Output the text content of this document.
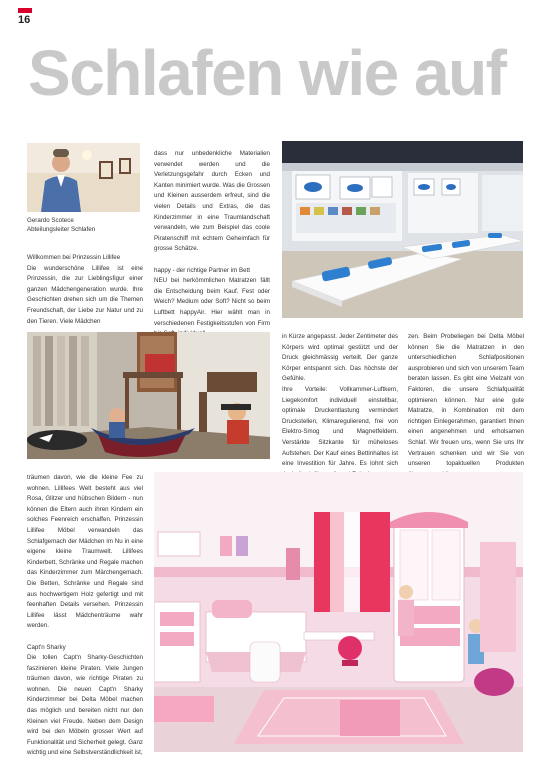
16
Schlafen wie auf
Gerardo Scotece
Abteilungsleiter Schlafen

Willkommen bei Prinzessin Lillifee

Die wunderschöne Lillifee ist eine Prinzessin, die zur Lieblingsfigur einer ganzen Mädchengeneration wurde. Ihre Geschichten drehen sich um die Themen Freundschaft, der Liebe zur Natur und zu den Tieren. Viele Mädchen

dass nur unbedenkliche Materialien verwendet werden und die Verletzungsgefahr durch Ecken und Kanten minimiert wurde. Was die Grossen und Kleinen ausserdem erfreut, sind die vielen Details und Extras, die das Kinderzimmer in eine Traumlandschaft verwandeln, wie zum Beispiel das coole Piratenschiff mit echtem Geheimfach für grosse Schätze.

happy - der richtige Partner im Bett

NEU bei herkömmlichen Matratzen fällt die Entscheidung beim Kauf. Fest oder Weich? Medium oder Soft? Nicht so beim Luftbett happyAir. Hier wählt man in verschiedenen Festigkeitsstufen von Firm

in Kürze angepasst. Jeder Zentimeter des Körpers wird optimal gestützt und der Druck gleichmässig verteilt. Der ganze Körper entspannt sich. Das höchste der Gefühle.

Ihre Vorteile: Vollkammer-Luftkern, Liegekomfort individuell einstellbar, optimale Druckentlastung vermindert Druckstellen, Klimaregulierend, frei von Elektro-Smog und Magnetfeldern. Verstärkte Sitzkante für müheloses Aufstehen. Der Kauf eines Bettinhaltes ist eine Investition für Jahre. Es lohnt sich

zen. Beim Probeliegen bei Delta Möbel können Sie die Matratzen in den unterschiedlichen Schlafpositionen ausprobieren und sich von unserem Team beraten lassen. Es gibt eine Vielzahl von Faktoren, die unsere Schlafqualität optimieren können. Nur eine gute Matratze, in Kombination mit dem richtigen Einlegerahmen, garantiert Ihnen einen angenehmen und erholsamen Schlaf. Wir freuen uns, wenn Sie uns Ihr Vertrauen schenken und wir Sie von unseren topaktuellen Produkten

träumen davon, wie die kleine Fee zu wohnen. Lillifees Welt besteht aus viel Rosa, Glitzer und hübschen Bildern - nun können die Eltern auch ihren Kindern ein solches Feenreich erschaffen. Prinzessin Lillifee Möbel verwandeln das Schlafgemach der Mädchen im Nu in eine eigene kleine Traumwelt. Lillifees Kinderbett, Schränke und Regale machen das Kinderzimmer zum Märchengemach. Die Betten, Schränke und Regale sind aus hochwertigem Holz gefertigt und mit feenhaften Details versehen. Prinzessin Lillifee lässt Mädchenträume wahr werden.

Capt'n Sharky

Die tollen Capt'n Sharky-Geschichten faszinieren kleine Piraten. Viele Jungen träumen davon, wie richtige Piraten zu wohnen. Die neuen Capt'n Sharky Kinderzimmer bei Delta Möbel machen das möglich und bereiten nicht nur den Kleinen viel Freude. Neben dem Design wird bei den Möbeln grosser Wert auf Funktionalität und Sicherheit gelegt. Ganz wichtig und eine Selbstverständlichkeit ist,
